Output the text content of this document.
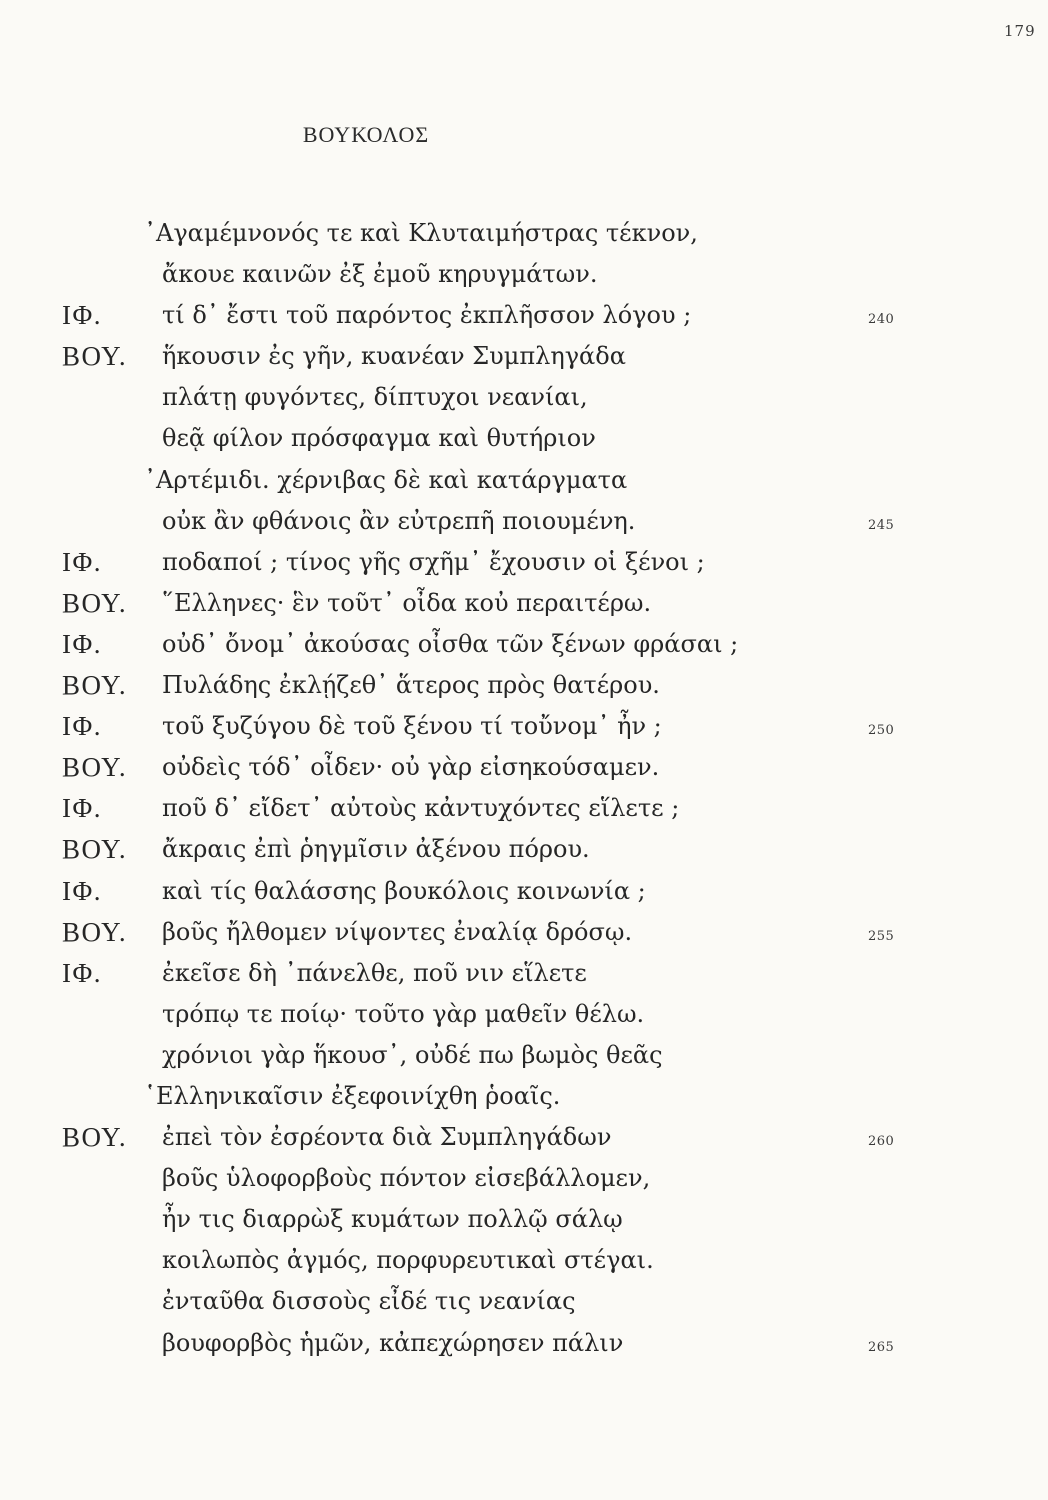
179
ΒΟΥΚΟΛΟΣ
᾿Αγαμέμνονός τε καὶ Κλυταιμήστρας τέκνον,
ἄκουε καινῶν ἐξ ἐμοῦ κηρυγμάτων.
ΙΦ.	τί δ᾿ ἔστι τοῦ παρόντος ἐκπλῆσσον λόγου ;	240
ΒΟΥ. ἥκουσιν ἐς γῆν, κυανέαν Συμπληγάδα
πλάτῃ φυγόντες, δίπτυχοι νεανίαι,
θεᾷ φίλον πρόσφαγμα καὶ θυτήριον
᾿Αρτέμιδι. χέρνιβας δὲ καὶ κατάργματα
οὐκ ἂν φθάνοις ἂν εὐτρεπῆ ποιουμένη.	245
ΙΦ.	ποδαποί ; τίνος γῆς σχῆμ᾿ ἔχουσιν οἱ ξένοι ;
ΒΟΥ. ῞Ελληνες· ἓν τοῦτ᾿ οἶδα κοὐ περαιτέρω.
ΙΦ.	οὐδ᾿ ὄνομ᾿ ἀκούσας οἶσθα τῶν ξένων φράσαι ;
ΒΟΥ. Πυλάδης ἐκλῄζεθ᾿ ἅτερος πρὸς θατέρου.
ΙΦ.	τοῦ ξυζύγου δὲ τοῦ ξένου τί τοὔνομ᾿ ἦν ;	250
ΒΟΥ. οὐδεὶς τόδ᾿ οἶδεν· οὐ γὰρ εἰσηκούσαμεν.
ΙΦ.	ποῦ δ᾿ εἴδετ᾿ αὐτοὺς κἀντυχόντες εἵλετε ;
ΒΟΥ. ἄκραις ἐπὶ ῥηγμῖσιν ἀξένου πόρου.
ΙΦ.	καὶ τίς θαλάσσης βουκόλοις κοινωνία ;
ΒΟΥ. βοῦς ἤλθομεν νίψοντες ἐναλίᾳ δρόσῳ.	255
ΙΦ.	ἐκεῖσε δὴ ᾿πάνελθε, ποῦ νιν εἵλετε
τρόπῳ τε ποίῳ· τοῦτο γὰρ μαθεῖν θέλω.
χρόνιοι γὰρ ἥκουσ᾿, οὐδέ πω βωμὸς θεᾶς
῾Ελληνικαῖσιν ἐξεφοινίχθη ῥοαῖς.
ΒΟΥ. ἐπεὶ τὸν ἐσρέοντα διὰ Συμπληγάδων	260
βοῦς ὑλοφορβοὺς πόντον εἰσεβάλλομεν,
ἦν τις διαρρὼξ κυμάτων πολλῷ σάλῳ
κοιλωπὸς ἀγμός, πορφυρευτικαὶ στέγαι.
ἐνταῦθα δισσοὺς εἶδέ τις νεανίας
βουφορβὸς ἡμῶν, κἀπεχώρησεν πάλιν	265
